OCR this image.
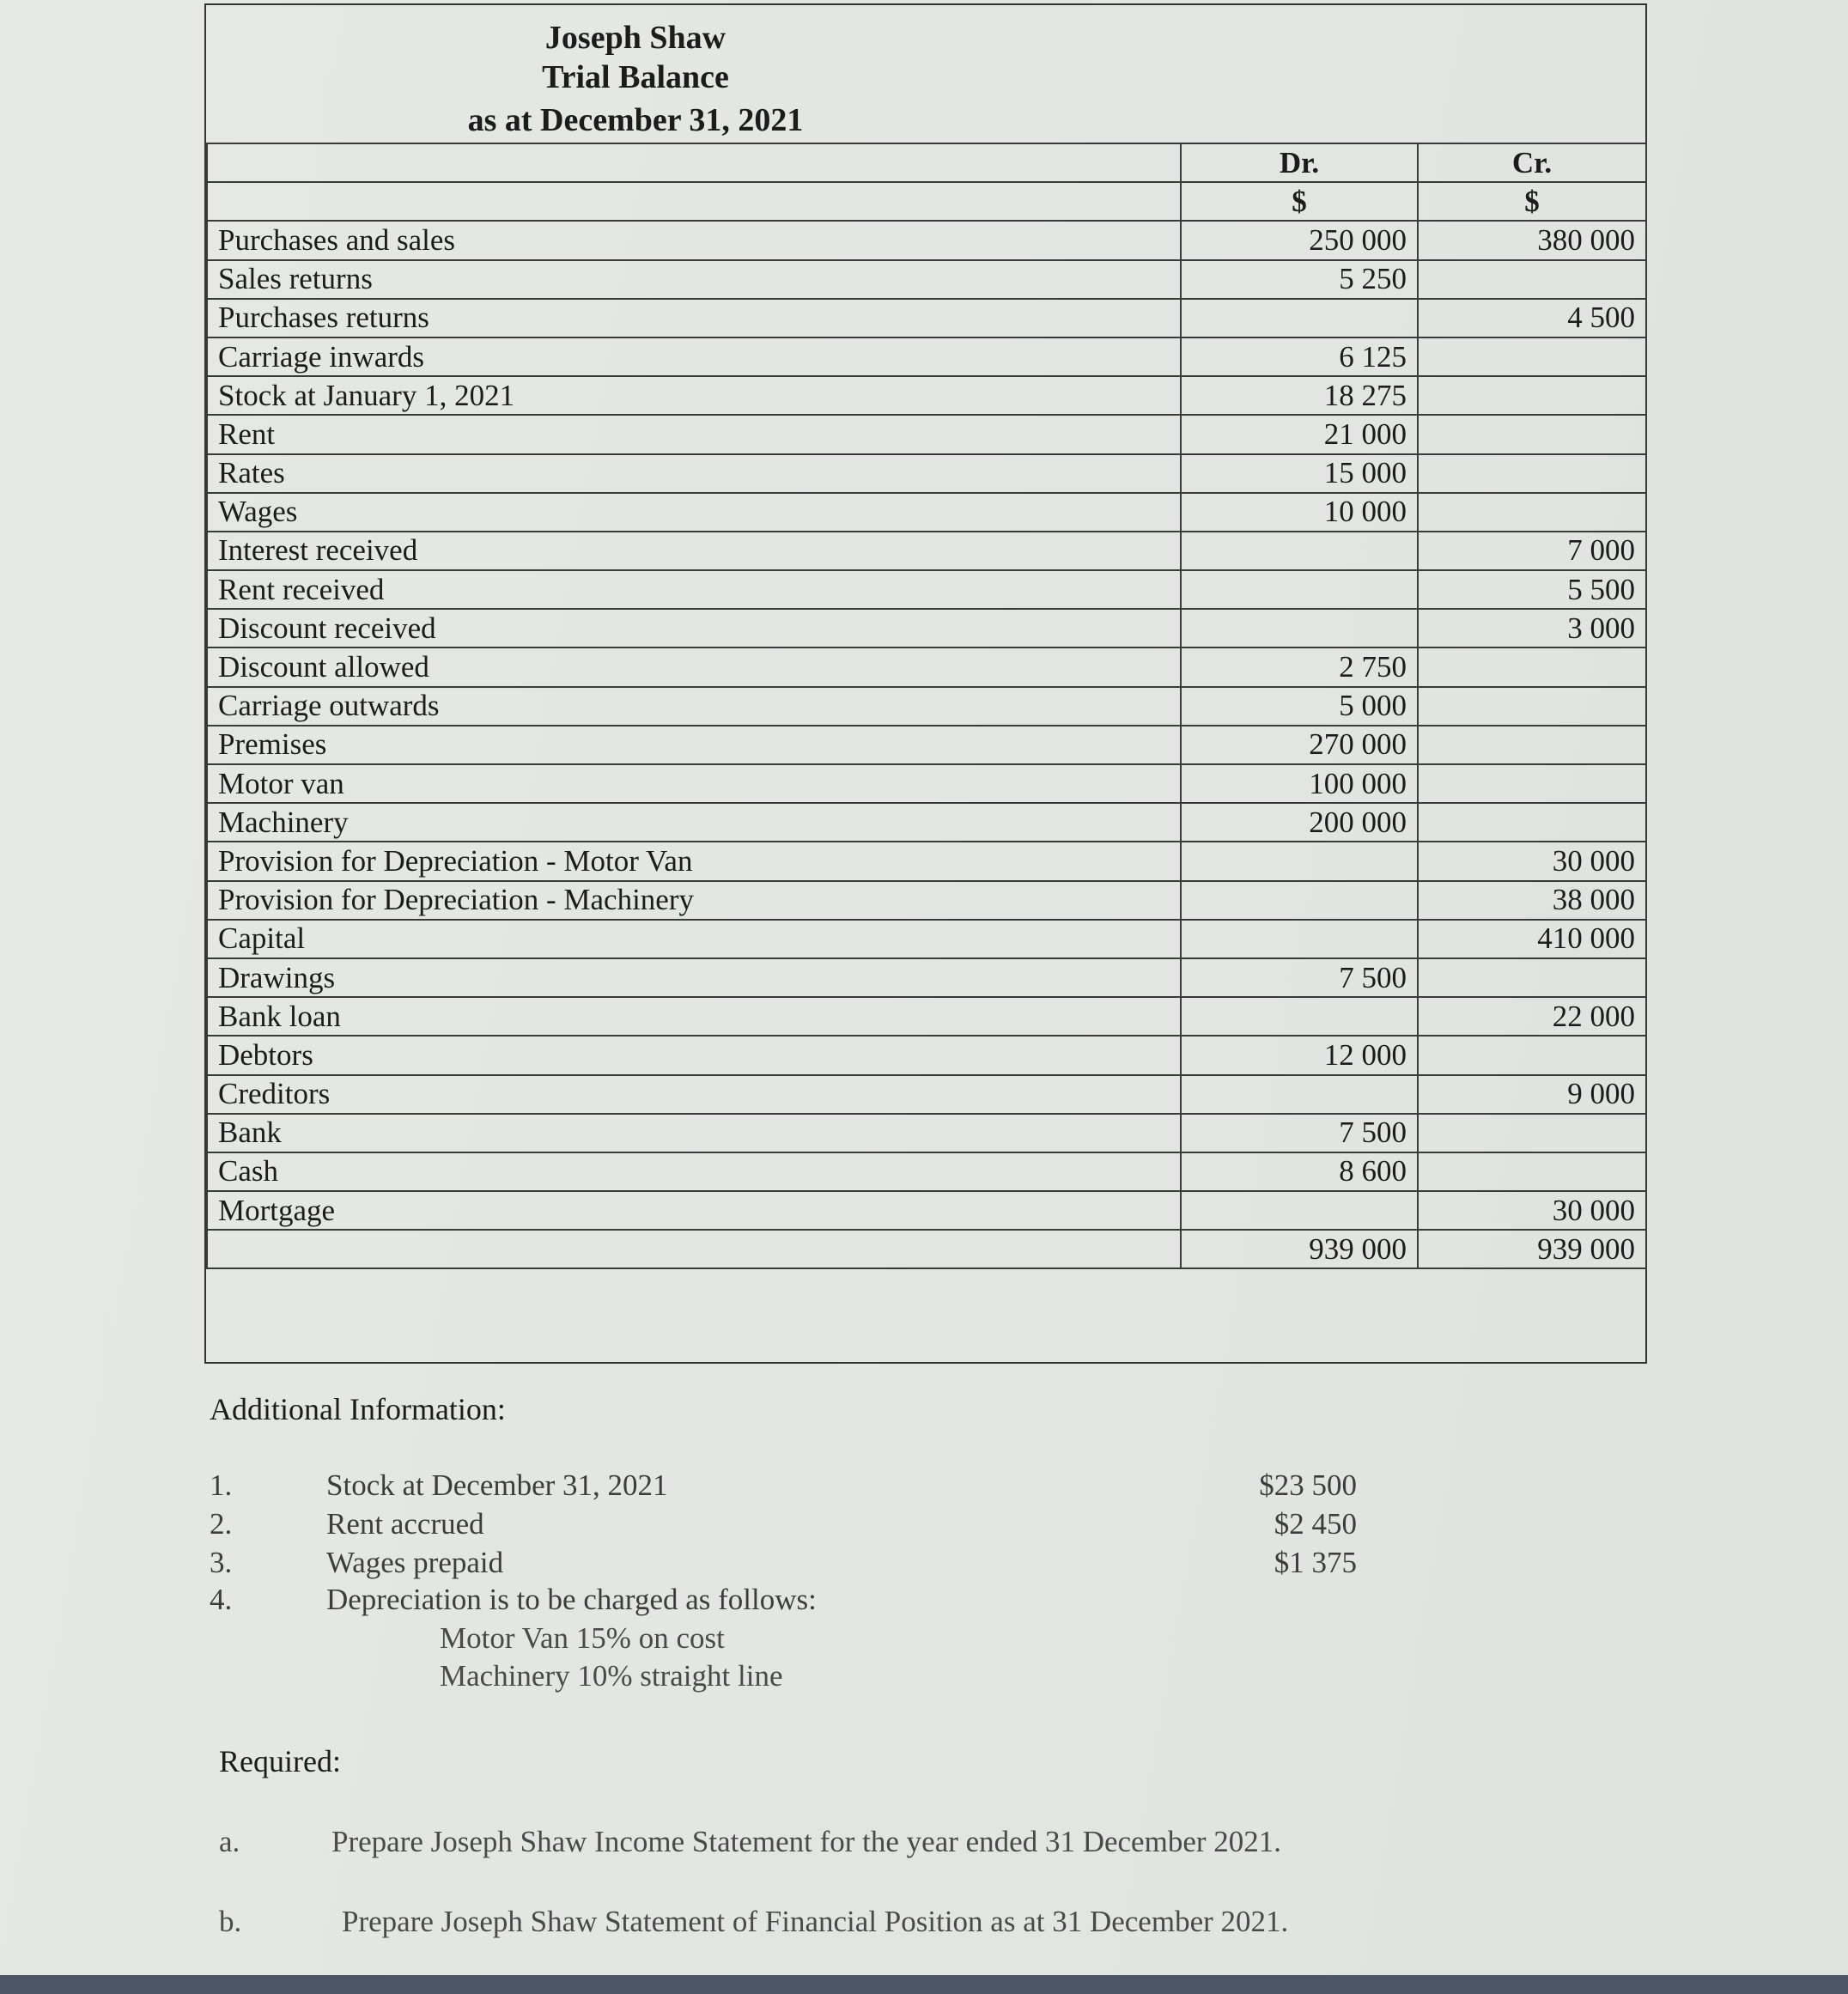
Joseph Shaw
Trial Balance
as at December 31, 2021
	Dr.	Cr.
	$	$
Purchases and sales	250 000	380 000
Sales returns	5 250	
Purchases returns		4 500
Carriage inwards	6 125	
Stock at January 1, 2021	18 275	
Rent	21 000	
Rates	15 000	
Wages	10 000	
Interest received		7 000
Rent received		5 500
Discount received		3 000
Discount allowed	2 750	
Carriage outwards	5 000	
Premises	270 000	
Motor van	100 000	
Machinery	200 000	
Provision for Depreciation - Motor Van		30 000
Provision for Depreciation - Machinery		38 000
Capital		410 000
Drawings	7 500	
Bank loan		22 000
Debtors	12 000	
Creditors		9 000
Bank	7 500	
Cash	8 600	
Mortgage		30 000
	939 000	939 000
Additional Information:
1.	Stock at December 31, 2021	$23 500
2.	Rent accrued	$2 450
3.	Wages prepaid	$1 375
4.	Depreciation is to be charged as follows:
Motor Van 15% on cost
Machinery 10% straight line
Required:
a.	Prepare Joseph Shaw Income Statement for the year ended 31 December 2021.
b.	Prepare Joseph Shaw Statement of Financial Position as at 31 December 2021.
